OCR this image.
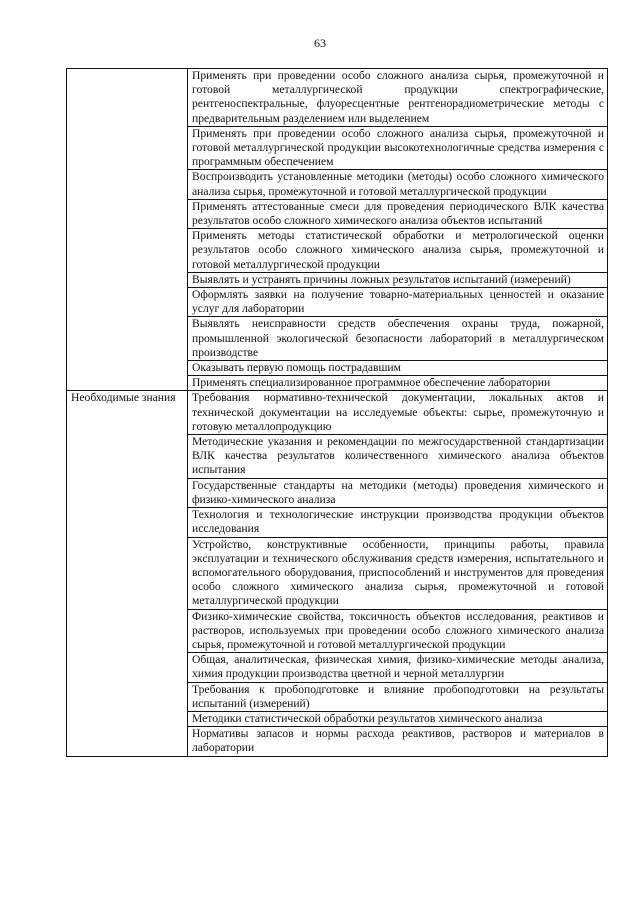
63
	Применять при проведении особо сложного анализа сырья, промежуточной и готовой металлургической продукции спектрографические, рентгеноспектральные, флуоресцентные рентгенорадиометрические методы с предварительным разделением или выделением
	Применять при проведении особо сложного анализа сырья, промежуточной и готовой металлургической продукции высокотехнологичные средства измерения с программным обеспечением
	Воспроизводить установленные методики (методы) особо сложного химического анализа сырья, промежуточной и готовой металлургической продукции
	Применять аттестованные смеси для проведения периодического ВЛК качества результатов особо сложного химического анализа объектов испытаний
	Применять методы статистической обработки и метрологической оценки результатов особо сложного химического анализа сырья, промежуточной и готовой металлургической продукции
	Выявлять и устранять причины ложных результатов испытаний (измерений)
	Оформлять заявки на получение товарно-материальных ценностей и оказание услуг для лаборатории
	Выявлять неисправности средств обеспечения охраны труда, пожарной, промышленной экологической безопасности лабораторий в металлургическом производстве
	Оказывать первую помощь пострадавшим
	Применять специализированное программное обеспечение лаборатории
Необходимые знания	Требования нормативно-технической документации, локальных актов и технической документации на исследуемые объекты: сырье, промежуточную и готовую металлопродукцию
	Методические указания и рекомендации по межгосударственной стандартизации ВЛК качества результатов количественного химического анализа объектов испытания
	Государственные стандарты на методики (методы) проведения химического и физико-химического анализа
	Технология и технологические инструкции производства продукции объектов исследования
	Устройство, конструктивные особенности, принципы работы, правила эксплуатации и технического обслуживания средств измерения, испытательного и вспомогательного оборудования, приспособлений и инструментов для проведения особо сложного химического анализа сырья, промежуточной и готовой металлургической продукции
	Физико-химические свойства, токсичность объектов исследования, реактивов и растворов, используемых при проведении особо сложного химического анализа сырья, промежуточной и готовой металлургической продукции
	Общая, аналитическая, физическая химия, физико-химические методы анализа, химия продукции производства цветной и черной металлургии
	Требования к пробоподготовке и влияние пробоподготовки на результаты испытаний (измерений)
	Методики статистической обработки результатов химического анализа
	Нормативы запасов и нормы расхода реактивов, растворов и материалов в лаборатории
